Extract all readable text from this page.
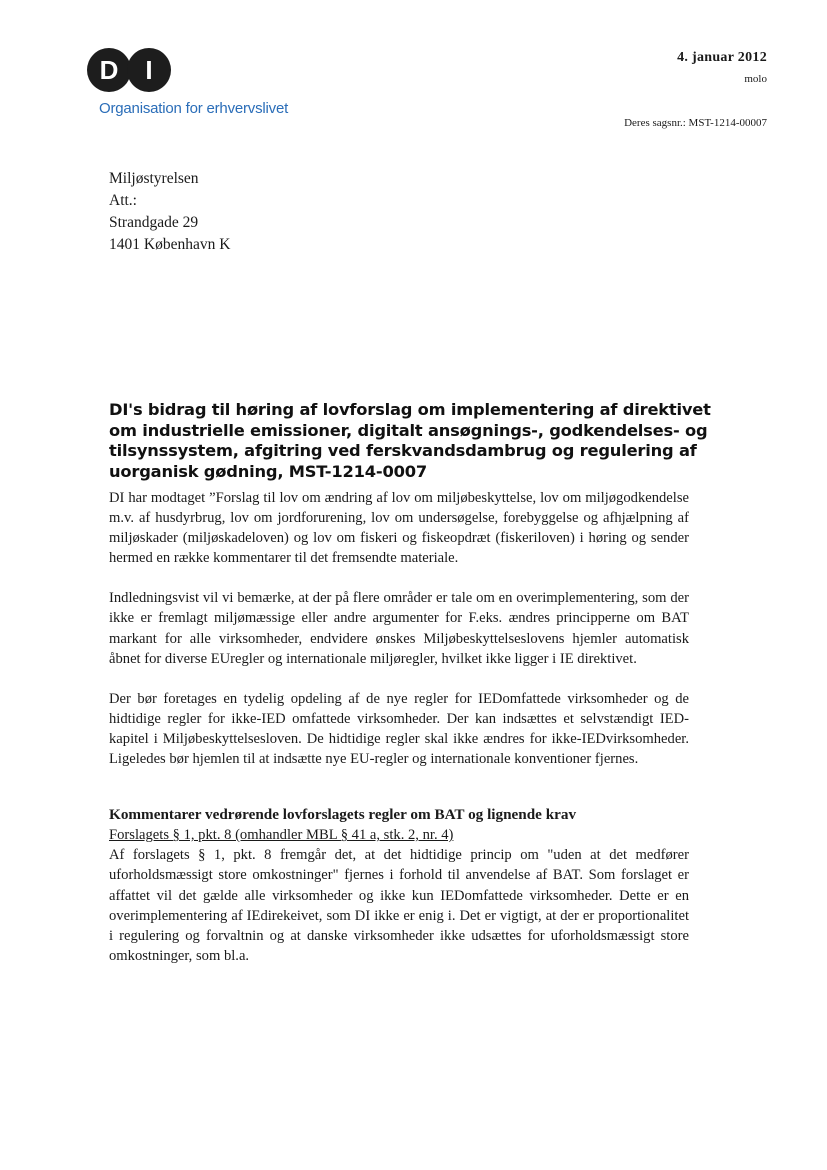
D	I
Organisation for erhvervslivet
4. januar 2012
molo
Deres sagsnr.: MST-1214-00007
Miljøstyrelsen
Att.:
Strandgade 29
1401 København K
DI's bidrag til høring af lovforslag om implementering af direktivet om industrielle emissioner, digitalt ansøgnings-, godkendelses- og tilsynssystem, afgitring ved ferskvandsdambrug og regulering af uorganisk gødning, MST-1214-0007

DI har modtaget ”Forslag til lov om ændring af lov om miljøbeskyttelse, lov om miljøgodkendelse m.v. af husdyrbrug, lov om jordforurening, lov om undersøgelse, forebyggelse og afhjælpning af miljøskader (miljøskadeloven) og lov om fiskeri og fiskeopdræt (fiskeriloven) i høring og sender hermed en række kommentarer til det fremsendte materiale.

Indledningsvist vil vi bemærke, at der på flere områder er tale om en overimplementering, som der ikke er fremlagt miljømæssige eller andre argumenter for F.eks. ændres principperne om BAT markant for alle virksomheder, endvidere ønskes Miljøbeskyttelseslovens hjemler automatisk åbnet for diverse EUregler og internationale miljøregler, hvilket ikke ligger i IE direktivet.

Der bør foretages en tydelig opdeling af de nye regler for IEDomfattede virksomheder og de hidtidige regler for ikke-IED omfattede virksomheder. Der kan indsættes et selvstændigt IED-kapitel i Miljøbeskyttelsesloven. De hidtidige regler skal ikke ændres for ikke-IEDvirksomheder. Ligeledes bør hjemlen til at indsætte nye EU-regler og internationale konventioner fjernes.

Kommentarer vedrørende lovforslagets regler om BAT og lignende krav
Forslagets § 1, pkt. 8 (omhandler MBL § 41 a, stk. 2, nr. 4)
Af forslagets § 1, pkt. 8 fremgår det, at det hidtidige princip om "uden at det medfører uforholdsmæssigt store omkostninger" fjernes i forhold til anvendelse af BAT. Som forslaget er affattet vil det gælde alle virksomheder og ikke kun IEDomfattede virksomheder. Dette er en overimplementering af IEdirekeivet, som DI ikke er enig i. Det er vigtigt, at der er proportionalitet i regulering og forvaltnin og at danske virksomheder ikke udsættes for uforholdsmæssigt store omkostninger, som bl.a.
